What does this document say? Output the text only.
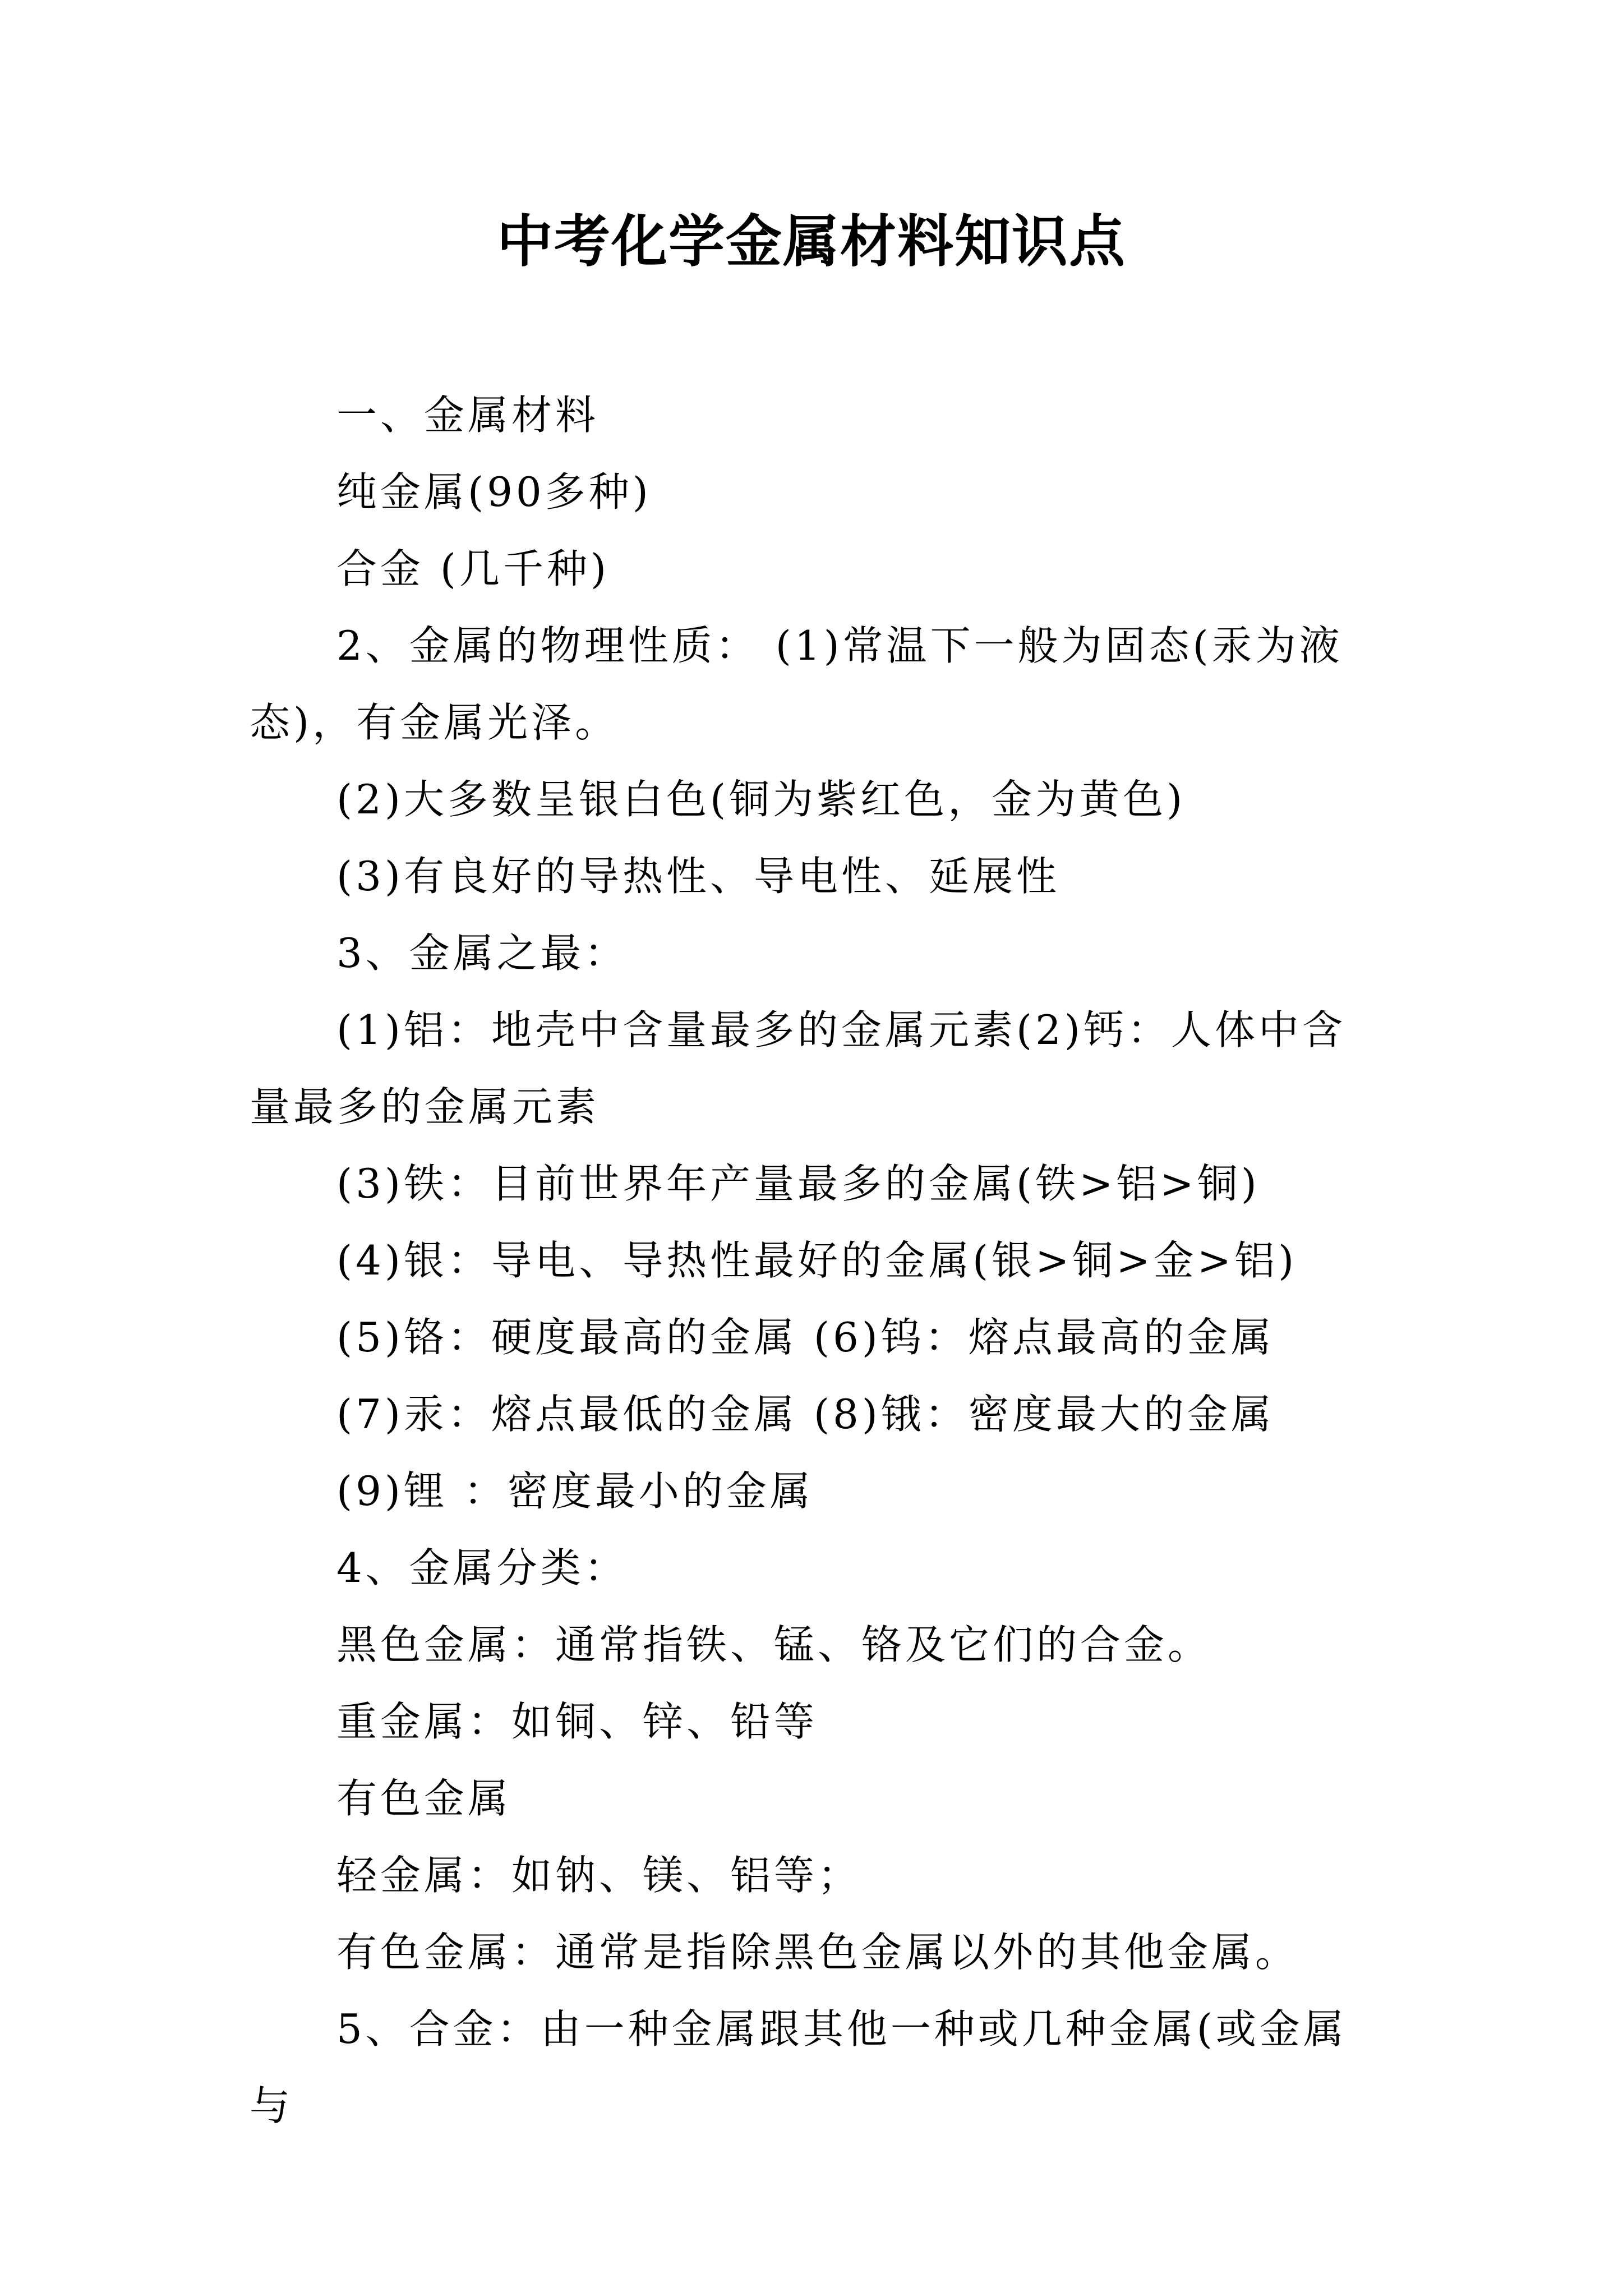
中考化学金属材料知识点

一、金属材料

纯金属(90多种)

合金 (几千种)

2、金属的物理性质： (1)常温下一般为固态(汞为液态)，有金属光泽。

(2)大多数呈银白色(铜为紫红色，金为黄色)

(3)有良好的导热性、导电性、延展性

3、金属之最：

(1)铝：地壳中含量最多的金属元素(2)钙：人体中含量最多的金属元素

(3)铁：目前世界年产量最多的金属(铁>铝>铜)

(4)银：导电、导热性最好的金属(银>铜>金>铝)

(5)铬：硬度最高的金属 (6)钨：熔点最高的金属

(7)汞：熔点最低的金属 (8)锇：密度最大的金属

(9)锂 ：密度最小的金属

4、金属分类：

黑色金属：通常指铁、锰、铬及它们的合金。

重金属：如铜、锌、铅等

有色金属

轻金属：如钠、镁、铝等；

有色金属：通常是指除黑色金属以外的其他金属。

5、合金：由一种金属跟其他一种或几种金属(或金属与
